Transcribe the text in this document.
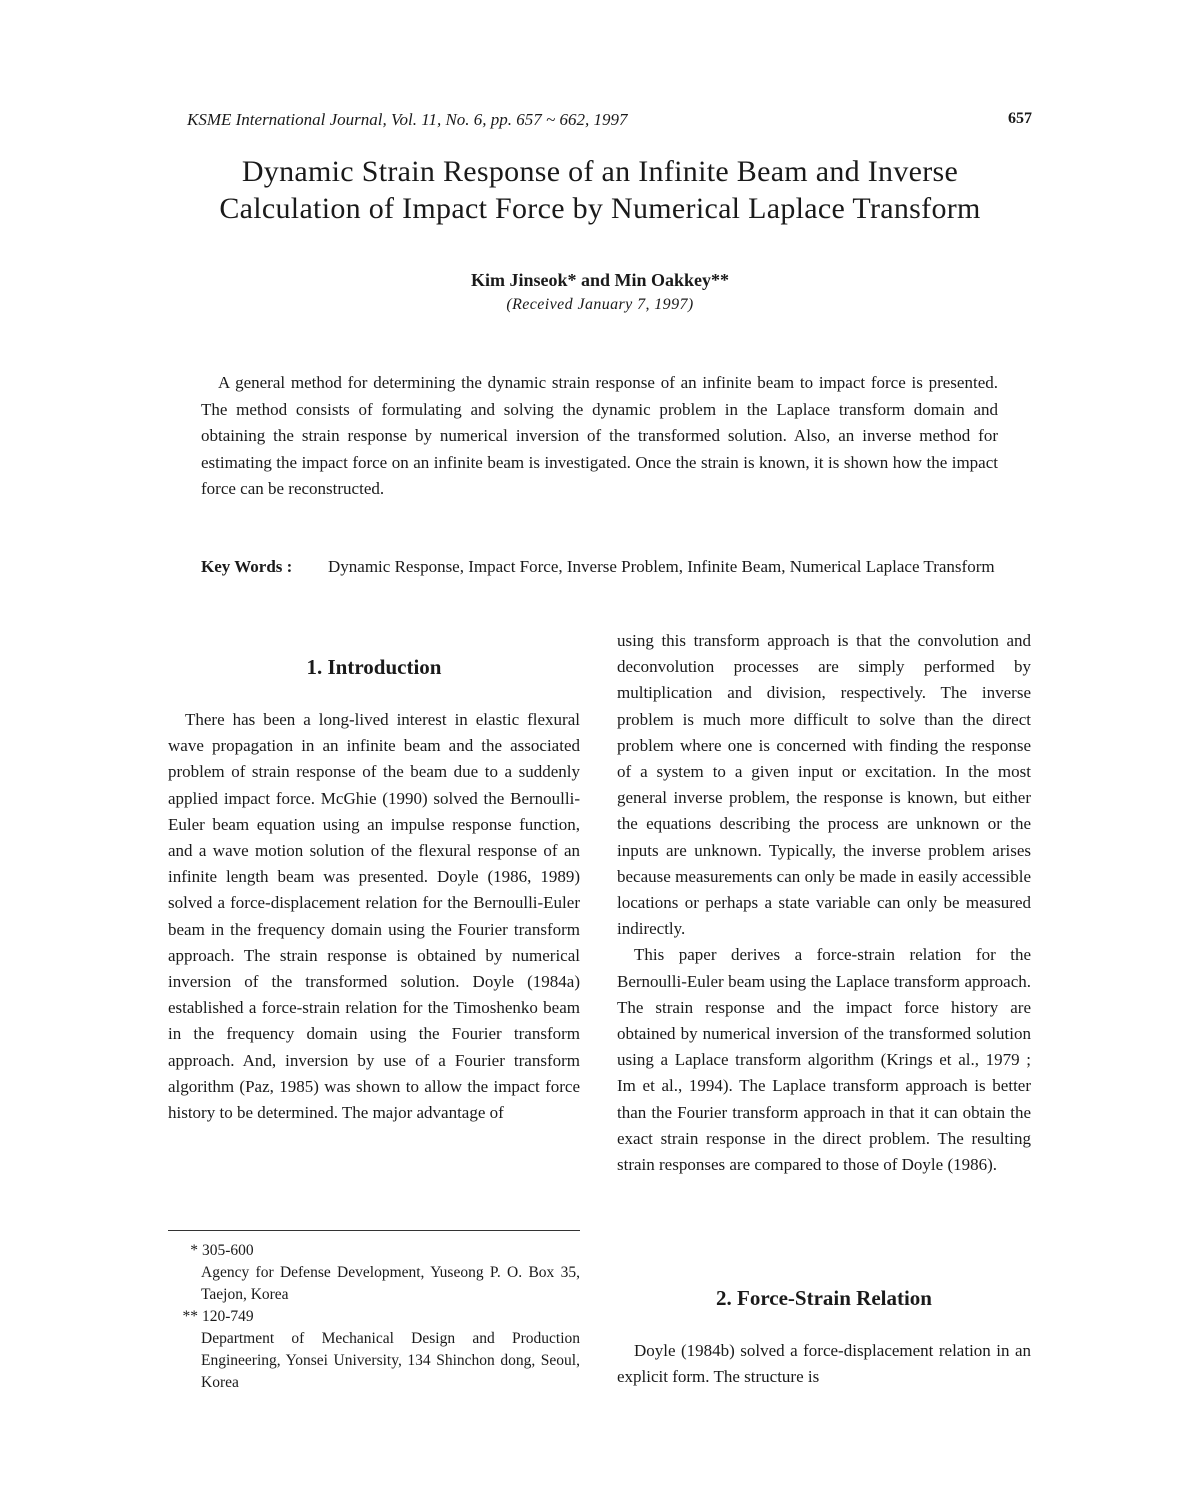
KSME International Journal, Vol. 11, No. 6, pp. 657 ~ 662, 1997	657
Dynamic Strain Response of an Infinite Beam and Inverse
Calculation of Impact Force by Numerical Laplace Transform
Kim Jinseok* and Min Oakkey**
(Received January 7, 1997)
A general method for determining the dynamic strain response of an infinite beam to impact force is presented. The method consists of formulating and solving the dynamic problem in the Laplace transform domain and obtaining the strain response by numerical inversion of the transformed solution. Also, an inverse method for estimating the impact force on an infinite beam is investigated. Once the strain is known, it is shown how the impact force can be reconstructed.
Key Words : Dynamic Response, Impact Force, Inverse Problem, Infinite Beam, Numerical Laplace Transform
1. Introduction

There has been a long-lived interest in elastic flexural wave propagation in an infinite beam and the associated problem of strain response of the beam due to a suddenly applied impact force. McGhie (1990) solved the Bernoulli-Euler beam equation using an impulse response function, and a wave motion solution of the flexural response of an infinite length beam was presented. Doyle (1986, 1989) solved a force-displacement relation for the Bernoulli-Euler beam in the frequency domain using the Fourier transform approach. The strain response is obtained by numerical inversion of the transformed solution. Doyle (1984a) established a force-strain relation for the Timoshenko beam in the frequency domain using the Fourier transform approach. And, inversion by use of a Fourier transform algorithm (Paz, 1985) was shown to allow the impact force history to be determined. The major advantage of

using this transform approach is that the convolution and deconvolution processes are simply performed by multiplication and division, respectively. The inverse problem is much more difficult to solve than the direct problem where one is concerned with finding the response of a system to a given input or excitation. In the most general inverse problem, the response is known, but either the equations describing the process are unknown or the inputs are unknown. Typically, the inverse problem arises because measurements can only be made in easily accessible locations or perhaps a state variable can only be measured indirectly.

This paper derives a force-strain relation for the Bernoulli-Euler beam using the Laplace transform approach. The strain response and the impact force history are obtained by numerical inversion of the transformed solution using a Laplace transform algorithm (Krings et al., 1979 ; Im et al., 1994). The Laplace transform approach is better than the Fourier transform approach in that it can obtain the exact strain response in the direct problem. The resulting strain responses are compared to those of Doyle (1986).

* 305-600
Agency for Defense Development, Yuseong P. O. Box 35, Taejon, Korea
** 120-749
Department of Mechanical Design and Production Engineering, Yonsei University, 134 Shinchon dong, Seoul, Korea
2. Force-Strain Relation

Doyle (1984b) solved a force-displacement relation in an explicit form. The structure is
